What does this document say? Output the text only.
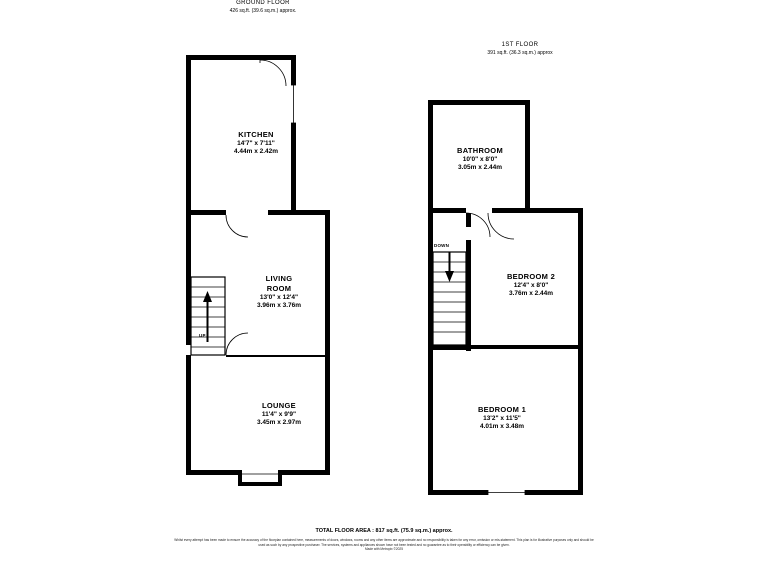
GROUND FLOOR
426 sq.ft. (39.6 sq.m.) approx.
1ST FLOOR
391 sq.ft. (36.3 sq.m.) approx
KITCHEN
14'7" x 7'11"
4.44m x 2.42m
LIVING
ROOM
13'0" x 12'4"
3.96m x 3.76m
LOUNGE
11'4" x 9'9"
3.45m x 2.97m
BATHROOM
10'0" x 8'0"
3.05m x 2.44m
BEDROOM 2
12'4" x 8'0"
3.76m x 2.44m
BEDROOM 1
13'2" x 11'5"
4.01m x 3.48m
UP
DOWN
TOTAL FLOOR AREA : 817 sq.ft. (75.9 sq.m.) approx.
Whilst every attempt has been made to ensure the accuracy of the floorplan contained here, measurements of doors, windows, rooms and any other items are approximate and no responsibility is taken for any error, omission or mis-statement. This plan is for illustrative purposes only and should be used as such by any prospective purchaser. The services, systems and appliances shown have not been tested and no guarantee as to their operability or efficiency can be given.
Made with Metropix ©2025
